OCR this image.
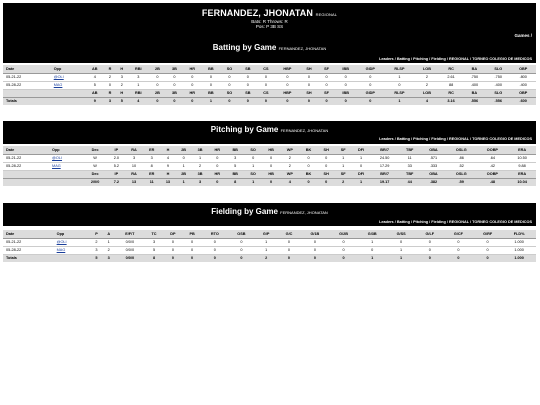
FERNANDEZ, JHONATAN REGIONAL
Bats: R Throws: R
Pos: P 3B SS
Games /
Batting by Game FERNANDEZ, JHONATAN
Leaders / Batting / Pitching / Fielding / REGIONAL / TORNEO COLEGIO DE MEDICOS
Date	Opp	AB	R	H	RBI	2B	3B	HR	BB	SO	SB	CS	HBP	SH	SF	IBB	GIDP	RLSP	LOB	RC	BA	SLG	OBP
05-21-22	@OLI	4	2	3	3	0	0	0	0	0	0	0	0	0	0	0	0	1	2	2.61	.750	.750	.800
05-28-22	MAG	5	0	2	1	0	0	0	0	0	0	0	0	0	0	0	0	0	2	88	.400	.400	.400
		AB	R	H	RBI	2B	3B	HR	BB	SO	SB	CS	HBP	SH	SF	IBB	GIDP	RLSP	LOB	RC	BA	SLG	OBP
Totals		9	3	5	4	0	0	0	1	0	0	0	0	0	0	0	0	1	4	3.16	.556	.556	.600
Pitching by Game FERNANDEZ, JHONATAN
Leaders / Batting / Pitching / Fielding / REGIONAL / TORNEO COLEGIO DE MEDICOS
Date	Opp	Dec	IP	RA	ER	H	2B	3B	HR	BB	SO	HB	WP	BK	SH	SF	DFI	BR/7	TBF	OBA	OSLG	OOBP	ERA
05-21-22	@OLI	W	2.0	3	3	4	0	1	0	3	0	0	2	0	0	1	1	24.50	11	.571	.86	.64	10.50
05-28-22	MAG	W	5.2	10	8	9	1	2	0	5	1	0	2	0	0	1	0	17.29	33	.333	.52	.42	9.88
		Dec	IP	RA	ER	H	2B	3B	HR	BB	SO	HB	WP	BK	SH	SF	DFI	BR/7	TBF	OBA	OSLG	OOBP	ERA
		2/0/0	7.2	13	11	13	1	3	0	8	1	0	4	0	0	2	1	19.17	44	.382	.59	.48	10.04
Fielding by Game FERNANDEZ, JHONATAN
Leaders / Batting / Pitching / Fielding / REGIONAL / TORNEO COLEGIO DE MEDICOS
Date	Opp	P	A	E/F/T	TC	DP	PB	RTO	OSB	G/P	G/C	G/1B	G/2B	G/3B	G/SS	G/LF	G/CF	G/RF	FLD%
05-21-22	@OLI	2	1	0/0/0	3	0	0	0	0	1	0	0	0	1	0	0	0	0	1.000
05-28-22	MAG	3	2	0/0/0	5	0	0	0	0	1	0	0	0	0	1	0	0	0	1.000
Totals		5	3	0/0/0	8	0	0	0	0	2	0	0	0	1	1	0	0	0	1.000
